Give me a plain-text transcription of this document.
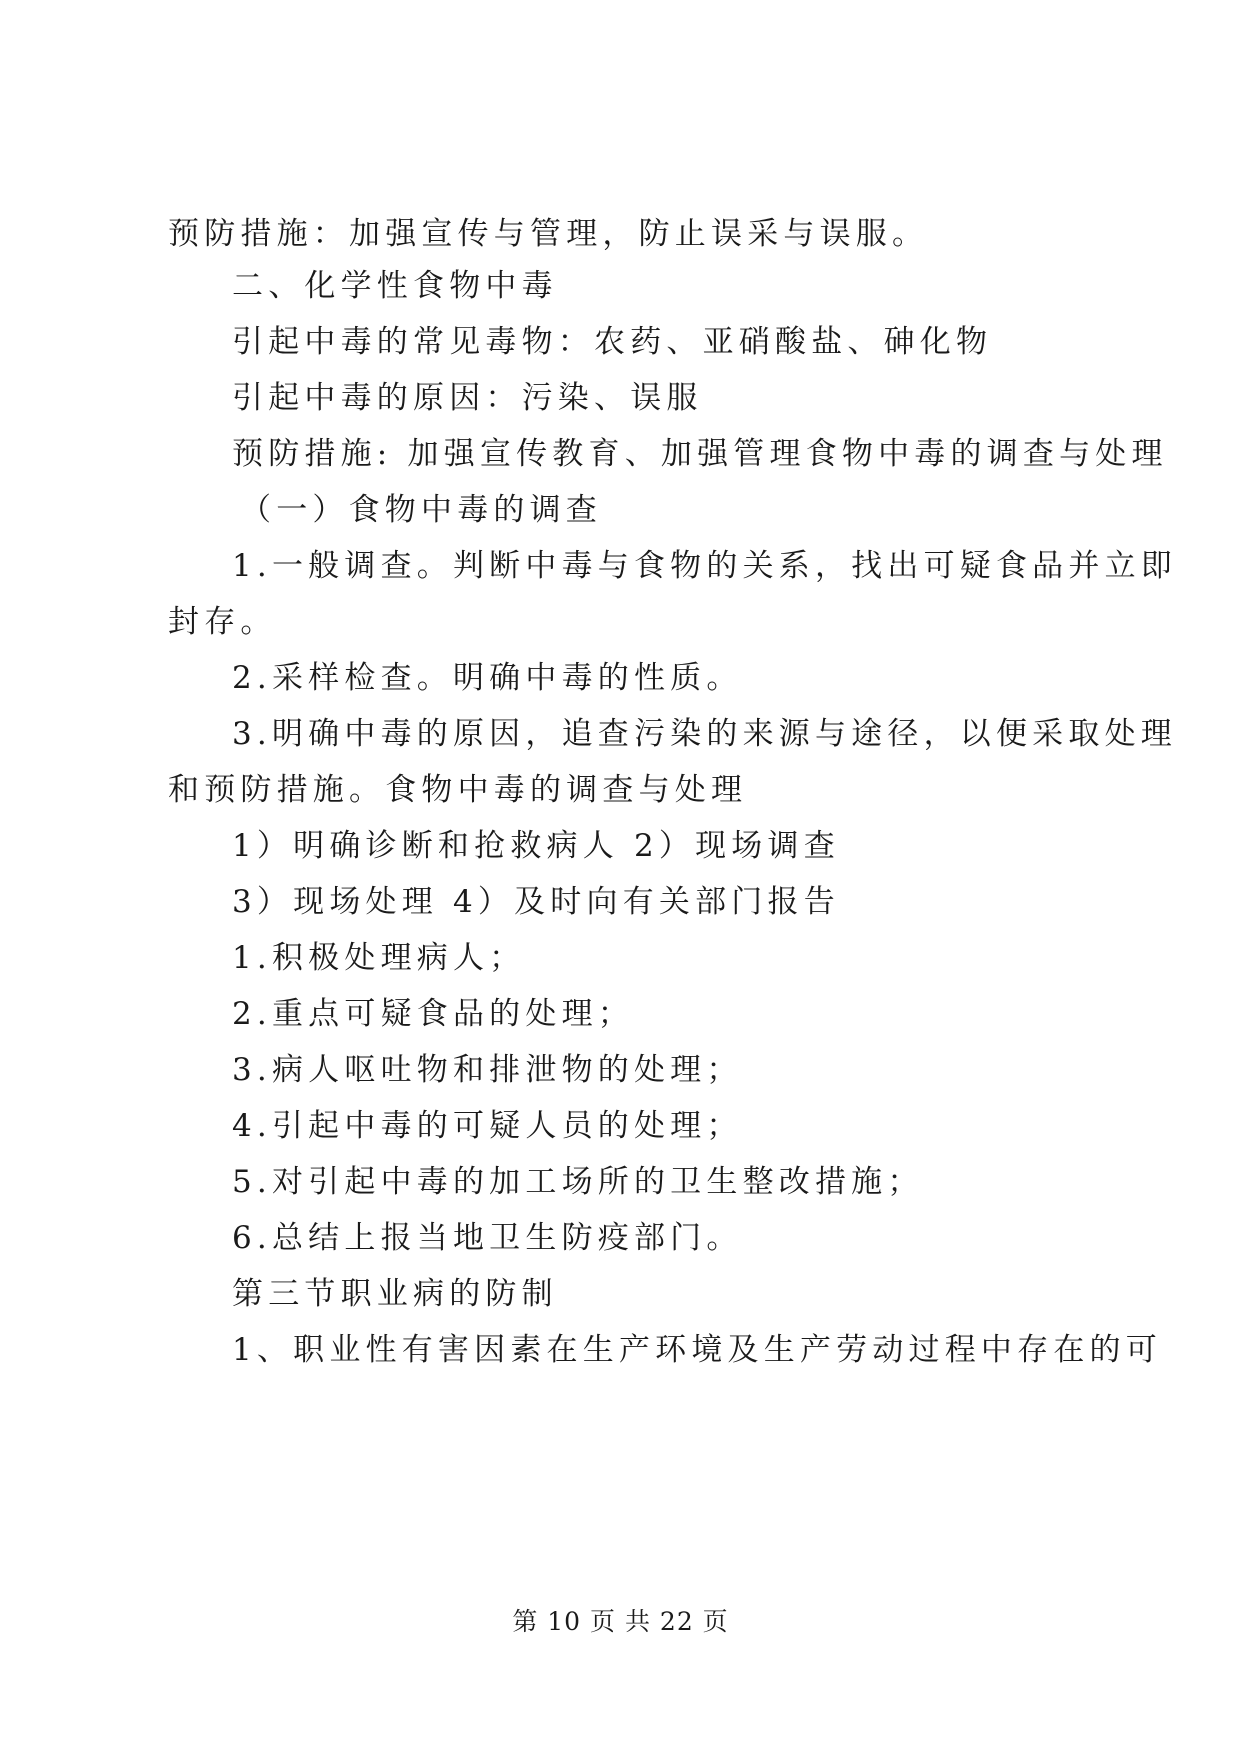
预防措施：加强宣传与管理，防止误采与误服。
二、化学性食物中毒
引起中毒的常见毒物：农药、亚硝酸盐、砷化物
引起中毒的原因：污染、误服
预防措施: 加强宣传教育、加强管理食物中毒的调查与处理
（一）食物中毒的调查
1.一般调查。判断中毒与食物的关系，找出可疑食品并立即
封存。
2.采样检查。明确中毒的性质。
3.明确中毒的原因，追查污染的来源与途径，以便采取处理
和预防措施。食物中毒的调查与处理
1）明确诊断和抢救病人 2）现场调查
3）现场处理 4）及时向有关部门报告
1.积极处理病人；
2.重点可疑食品的处理；
3.病人呕吐物和排泄物的处理；
4.引起中毒的可疑人员的处理；
5.对引起中毒的加工场所的卫生整改措施；
6.总结上报当地卫生防疫部门。
第三节职业病的防制
1、职业性有害因素在生产环境及生产劳动过程中存在的可
第 10 页 共 22 页
